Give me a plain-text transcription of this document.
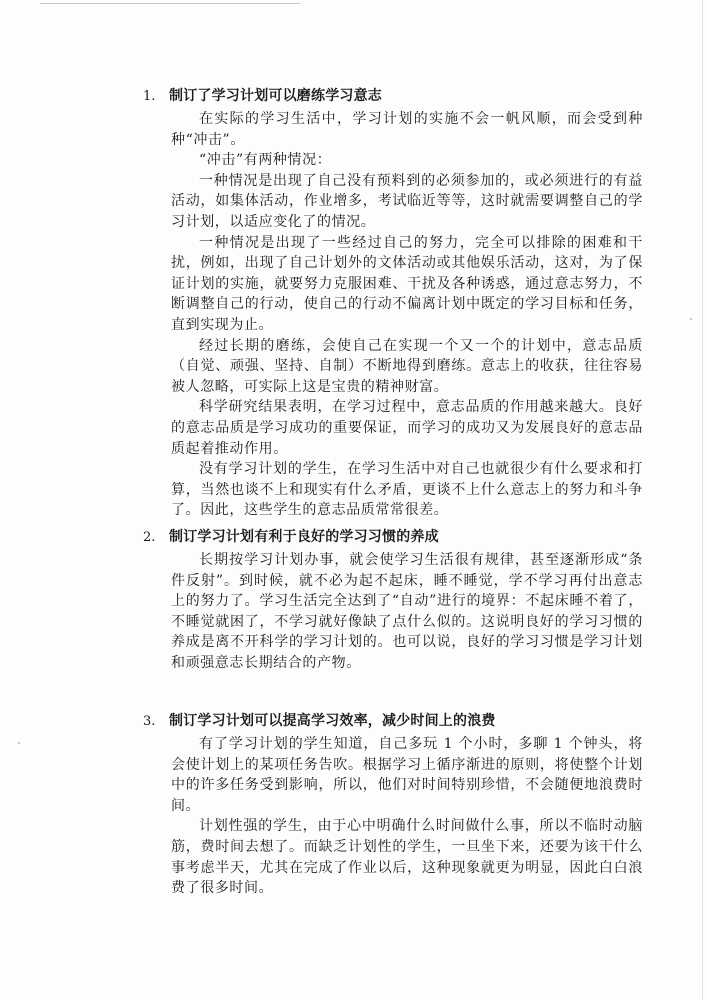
1. 制订了学习计划可以磨练学习意志

在实际的学习生活中，学习计划的实施不会一帆风顺，而会受到种种“冲击”。

“冲击”有两种情况：

一种情况是出现了自己没有预料到的必须参加的，或必须进行的有益活动，如集体活动，作业增多，考试临近等等，这时就需要调整自己的学习计划，以适应变化了的情况。

一种情况是出现了一些经过自己的努力，完全可以排除的困难和干扰，例如，出现了自己计划外的文体活动或其他娱乐活动，这对，为了保证计划的实施，就要努力克服困难、干扰及各种诱惑，通过意志努力，不断调整自己的行动，使自己的行动不偏离计划中既定的学习目标和任务，直到实现为止。

经过长期的磨练，会使自己在实现一个又一个的计划中，意志品质（自觉、顽强、坚持、自制）不断地得到磨练。意志上的收获，往往容易被人忽略，可实际上这是宝贵的精神财富。

科学研究结果表明，在学习过程中，意志品质的作用越来越大。良好的意志品质是学习成功的重要保证，而学习的成功又为发展良好的意志品质起着推动作用。

没有学习计划的学生，在学习生活中对自己也就很少有什么要求和打算，当然也谈不上和现实有什么矛盾，更谈不上什么意志上的努力和斗争了。因此，这些学生的意志品质常常很差。

2. 制订学习计划有利于良好的学习习惯的养成

长期按学习计划办事，就会使学习生活很有规律，甚至逐渐形成“条件反射”。到时候，就不必为起不起床，睡不睡觉，学不学习再付出意志上的努力了。学习生活完全达到了“自动”进行的境界：不起床睡不着了，不睡觉就困了，不学习就好像缺了点什么似的。这说明良好的学习习惯的养成是离不开科学的学习计划的。也可以说，良好的学习习惯是学习计划和顽强意志长期结合的产物。

3. 制订学习计划可以提高学习效率，减少时间上的浪费

有了学习计划的学生知道，自己多玩 1 个小时，多聊 1 个钟头，将会使计划上的某项任务告吹。根据学习上循序渐进的原则，将使整个计划中的许多任务受到影响，所以，他们对时间特别珍惜，不会随便地浪费时间。

计划性强的学生，由于心中明确什么时间做什么事，所以不临时动脑筋，费时间去想了。而缺乏计划性的学生，一旦坐下来，还要为该干什么事考虑半天，尤其在完成了作业以后，这种现象就更为明显，因此白白浪费了很多时间。
